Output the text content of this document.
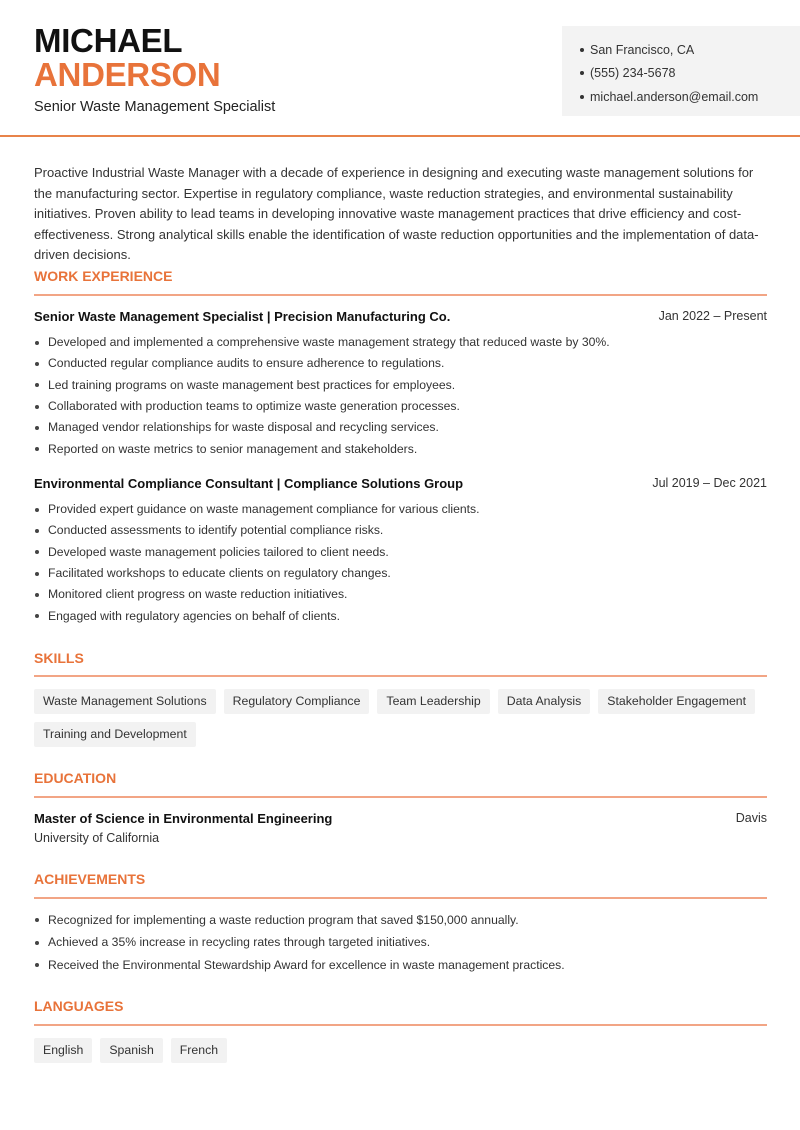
MICHAEL
ANDERSON
Senior Waste Management Specialist
San Francisco, CA
(555) 234-5678
michael.anderson@email.com
Proactive Industrial Waste Manager with a decade of experience in designing and executing waste management solutions for the manufacturing sector. Expertise in regulatory compliance, waste reduction strategies, and environmental sustainability initiatives. Proven ability to lead teams in developing innovative waste management practices that drive efficiency and cost-effectiveness. Strong analytical skills enable the identification of waste reduction opportunities and the implementation of data-driven decisions.
WORK EXPERIENCE
Senior Waste Management Specialist | Precision Manufacturing Co.	Jan 2022 – Present
Developed and implemented a comprehensive waste management strategy that reduced waste by 30%.
Conducted regular compliance audits to ensure adherence to regulations.
Led training programs on waste management best practices for employees.
Collaborated with production teams to optimize waste generation processes.
Managed vendor relationships for waste disposal and recycling services.
Reported on waste metrics to senior management and stakeholders.
Environmental Compliance Consultant | Compliance Solutions Group	Jul 2019 – Dec 2021
Provided expert guidance on waste management compliance for various clients.
Conducted assessments to identify potential compliance risks.
Developed waste management policies tailored to client needs.
Facilitated workshops to educate clients on regulatory changes.
Monitored client progress on waste reduction initiatives.
Engaged with regulatory agencies on behalf of clients.
SKILLS
Waste Management Solutions	Regulatory Compliance	Team Leadership	Data Analysis	Stakeholder Engagement
Training and Development
EDUCATION
Master of Science in Environmental Engineering	Davis
University of California
ACHIEVEMENTS
Recognized for implementing a waste reduction program that saved $150,000 annually.
Achieved a 35% increase in recycling rates through targeted initiatives.
Received the Environmental Stewardship Award for excellence in waste management practices.
LANGUAGES
English	Spanish	French
